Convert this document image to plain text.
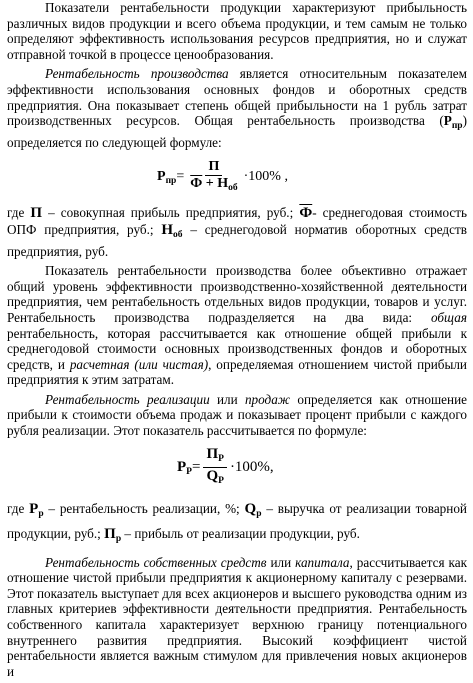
Показатели рентабельности продукции характеризуют прибыльность различных видов продукции и всего объема продукции, и тем самым не только определяют эффективность использования ресурсов предприятия, но и служат отправной точкой в процессе ценообразования.

Рентабельность производства является относительным показателем эффективности использования основных фондов и оборотных средств предприятия. Она показывает степень общей прибыльности на 1 рубль затрат производственных ресурсов. Общая рентабельность производства $(Р_{пр})$ определяется по следующей формуле:

$Р_{пр} = \frac{П}{Ф + Н_{об}} \cdot 100\%$ ,

где П – совокупная прибыль предприятия, руб.; Ф- среднегодовая стоимость ОПФ предприятия, руб.; $Н_{об}$ – среднегодовой норматив оборотных средств предприятия, руб.

Показатель рентабельности производства более объективно отражает общий уровень эффективности производственно-хозяйственной деятельности предприятия, чем рентабельность отдельных видов продукции, товаров и услуг. Рентабельность производства подразделяется на два вида: общая рентабельность, которая рассчитывается как отношение общей прибыли к среднегодовой стоимости основных производственных фондов и оборотных средств, и расчетная (или чистая), определяемая отношением чистой прибыли предприятия к этим затратам.

Рентабельность реализации или продаж определяется как отношение прибыли к стоимости объема продаж и показывает процент прибыли с каждого рубля реализации. Этот показатель рассчитывается по формуле:

$Р_Р = \frac{П_Р}{Q_Р} \cdot 100\%$,

где $Р_р$ – рентабельность реализации, %; $Q_р$ – выручка от реализации товарной продукции, руб.; $П_р$ – прибыль от реализации продукции, руб.

Рентабельность собственных средств или капитала, рассчитывается как отношение чистой прибыли предприятия к акционерному капиталу с резервами. Этот показатель выступает для всех акционеров и высшего руководства одним из главных критериев эффективности деятельности предприятия. Рентабельность собственного капитала характеризует верхнюю границу потенциального внутреннего развития предприятия. Высокий коэффициент чистой рентабельности является важным стимулом для привлечения новых акционеров и
